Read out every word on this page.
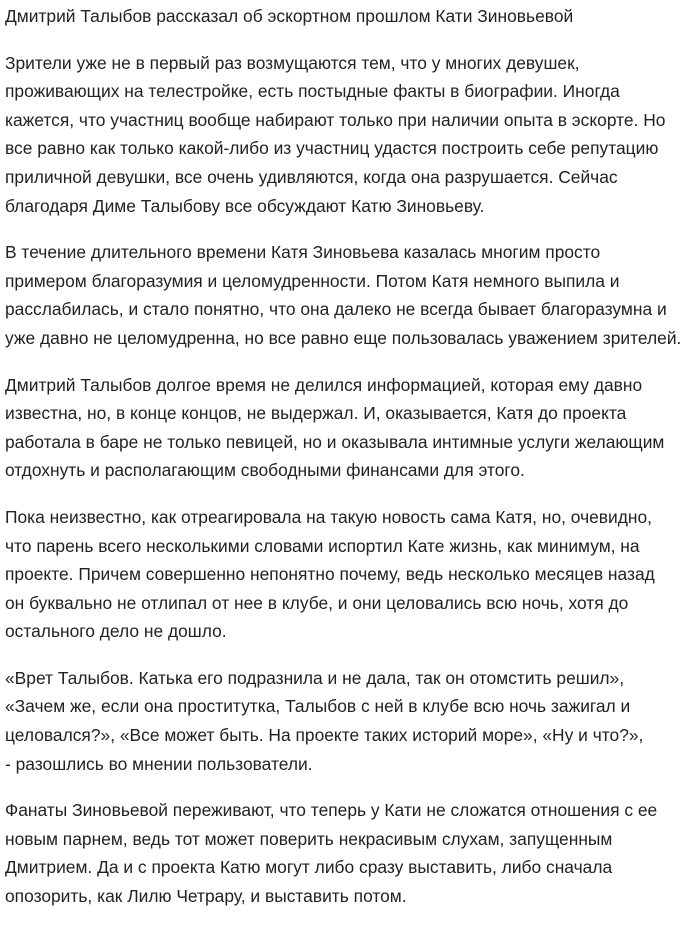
Дмитрий Талыбов рассказал об эскортном прошлом Кати Зиновьевой

Зрители уже не в первый раз возмущаются тем, что у многих девушек,
проживающих на телестройке, есть постыдные факты в биографии. Иногда
кажется, что участниц вообще набирают только при наличии опыта в эскорте. Но
все равно как только какой-либо из участниц удастся построить себе репутацию
приличной девушки, все очень удивляются, когда она разрушается. Сейчас
благодаря Диме Талыбову все обсуждают Катю Зиновьеву.

В течение длительного времени Катя Зиновьева казалась многим просто
примером благоразумия и целомудренности. Потом Катя немного выпила и
расслабилась, и стало понятно, что она далеко не всегда бывает благоразумна и
уже давно не целомудренна, но все равно еще пользовалась уважением зрителей.

Дмитрий Талыбов долгое время не делился информацией, которая ему давно
известна, но, в конце концов, не выдержал. И, оказывается, Катя до проекта
работала в баре не только певицей, но и оказывала интимные услуги желающим
отдохнуть и располагающим свободными финансами для этого.

Пока неизвестно, как отреагировала на такую новость сама Катя, но, очевидно,
что парень всего несколькими словами испортил Кате жизнь, как минимум, на
проекте. Причем совершенно непонятно почему, ведь несколько месяцев назад
он буквально не отлипал от нее в клубе, и они целовались всю ночь, хотя до
остального дело не дошло.

«Врет Талыбов. Катька его подразнила и не дала, так он отомстить решил»,
«Зачем же, если она проститутка, Талыбов с ней в клубе всю ночь зажигал и
целовался?», «Все может быть. На проекте таких историй море», «Ну и что?»,
- разошлись во мнении пользователи.

Фанаты Зиновьевой переживают, что теперь у Кати не сложатся отношения с ее
новым парнем, ведь тот может поверить некрасивым слухам, запущенным
Дмитрием. Да и с проекта Катю могут либо сразу выставить, либо сначала
опозорить, как Лилю Четрару, и выставить потом.
